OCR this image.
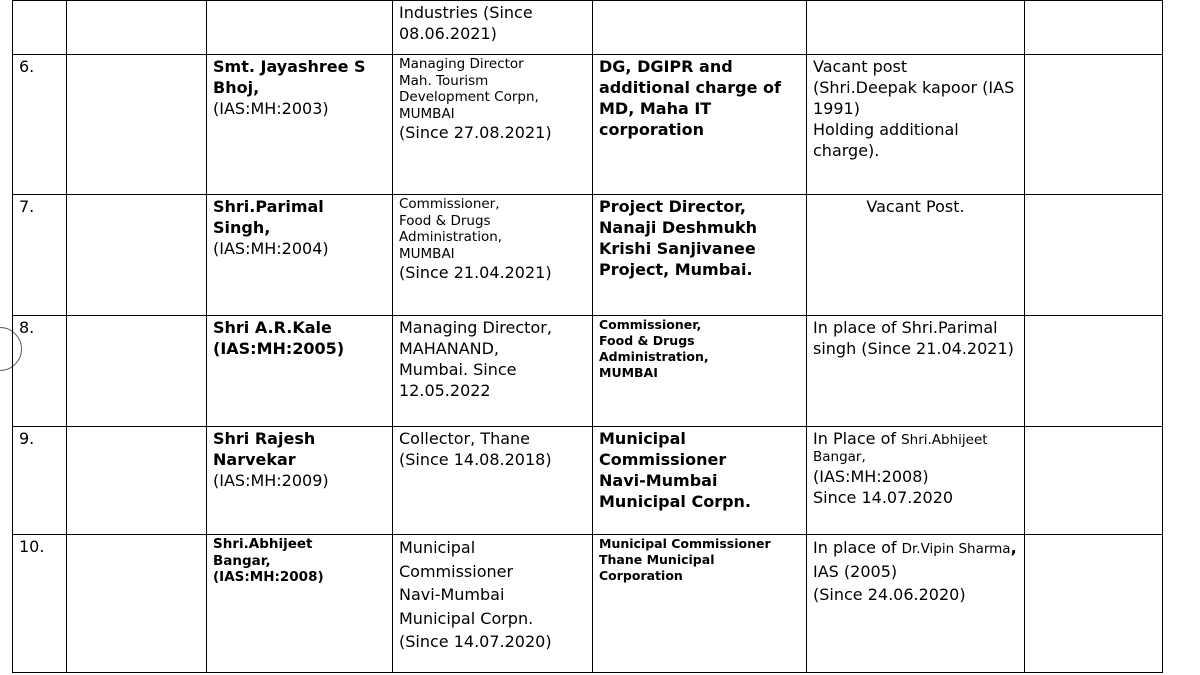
			Industries (Since
08.06.2021)			

6.		Smt. Jayashree S
Bhoj,
(IAS:MH:2003)	Managing Director
Mah. Tourism
Development Corpn,
MUMBAI
(Since 27.08.2021)	DG, DGIPR and
additional charge of
MD, Maha IT
corporation	Vacant post
(Shri.Deepak kapoor (IAS
1991)
Holding additional
charge).	

7.		Shri.Parimal Singh,
(IAS:MH:2004)	Commissioner,
Food & Drugs
Administration,
MUMBAI
(Since 21.04.2021)	Project Director,
Nanaji Deshmukh
Krishi Sanjivanee
Project, Mumbai.	Vacant Post.	

8.		Shri A.R.Kale
(IAS:MH:2005)	Managing Director,
MAHANAND,
Mumbai. Since
12.05.2022	Commissioner,
Food & Drugs
Administration,
MUMBAI	In place of Shri.Parimal
singh (Since 21.04.2021)	

9.		Shri Rajesh
Narvekar
(IAS:MH:2009)	Collector, Thane
(Since 14.08.2018)	Municipal
Commissioner
Navi-Mumbai
Municipal Corpn.	In Place of Shri.Abhijeet
Bangar,
(IAS:MH:2008)
Since 14.07.2020	

10.		Shri.Abhijeet
Bangar,
(IAS:MH:2008)	Municipal
Commissioner
Navi-Mumbai
Municipal Corpn.
(Since 14.07.2020)	Municipal Commissioner
Thane Municipal
Corporation	In place of Dr.Vipin Sharma,
IAS (2005)
(Since 24.06.2020)	
